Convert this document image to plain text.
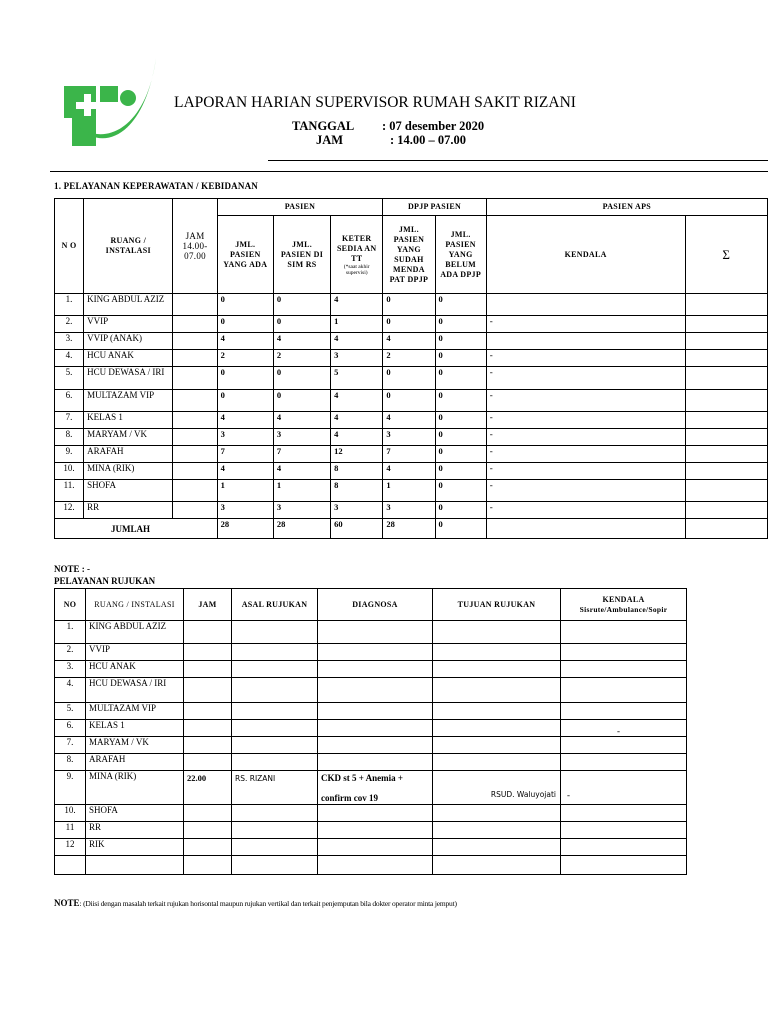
LAPORAN HARIAN SUPERVISOR RUMAH SAKIT RIZANI
TANGGAL : 07 desember 2020
JAM	: 14.00 – 07.00
1. PELAYANAN KEPERAWATAN / KEBIDANAN
N O	RUANG / INSTALASI	JAM 14.00-07.00	PASIEN			DPJP PASIEN		PASIEN APS	
			JML. PASIEN YANG ADA	JML. PASIEN DI SIM RS	KETER SEDIA AN TT
(*saat akhir supervisi)	JML. PASIEN YANG SUDAH MENDA PAT DPJP	JML. PASIEN YANG BELUM ADA DPJP	KENDALA	Σ
1.	KING ABDUL AZIZ		0	0	4	0	0		
2.	VVIP		0	0	1	0	0	-	
3.	VVIP (ANAK)		4	4	4	4	0		
4.	HCU ANAK		2	2	3	2	0	-	
5.	HCU DEWASA / IRI		0	0	5	0	0	-	
6.	MULTAZAM VIP		0	0	4	0	0	-	
7.	KELAS 1		4	4	4	4	0	-	
8.	MARYAM / VK		3	3	4	3	0	-	
9.	ARAFAH		7	7	12	7	0	-	
10.	MINA (RIK)		4	4	8	4	0	-	
11.	SHOFA		1	1	8	1	0	-	
12.	RR		3	3	3	3	0	-	
JUMLAH			28	28	60	28	0		
NOTE : -
PELAYANAN RUJUKAN
NO	RUANG / INSTALASI	JAM	ASAL RUJUKAN	DIAGNOSA	TUJUAN RUJUKAN	KENDALA
Sisrute/Ambulance/Sopir
1.	KING ABDUL AZIZ			

2.	VVIP			

3.	HCU ANAK			

4.	HCU DEWASA / IRI			

5.	MULTAZAM VIP			

6.	KELAS 1					-
7.	MARYAM / VK			

8.	ARAFAH			

9.	MINA (RIK)	22.00	RS. RIZANI	CKD st 5 + Anemia +
confirm cov 19	RSUD. Waluyojati	-
10.	SHOFA			

11	RR			

12	RIK			

NOTE: (Diisi dengan masalah terkait rujukan horisontal maupun rujukan vertikal dan terkait penjemputan bila dokter operator minta jemput)
